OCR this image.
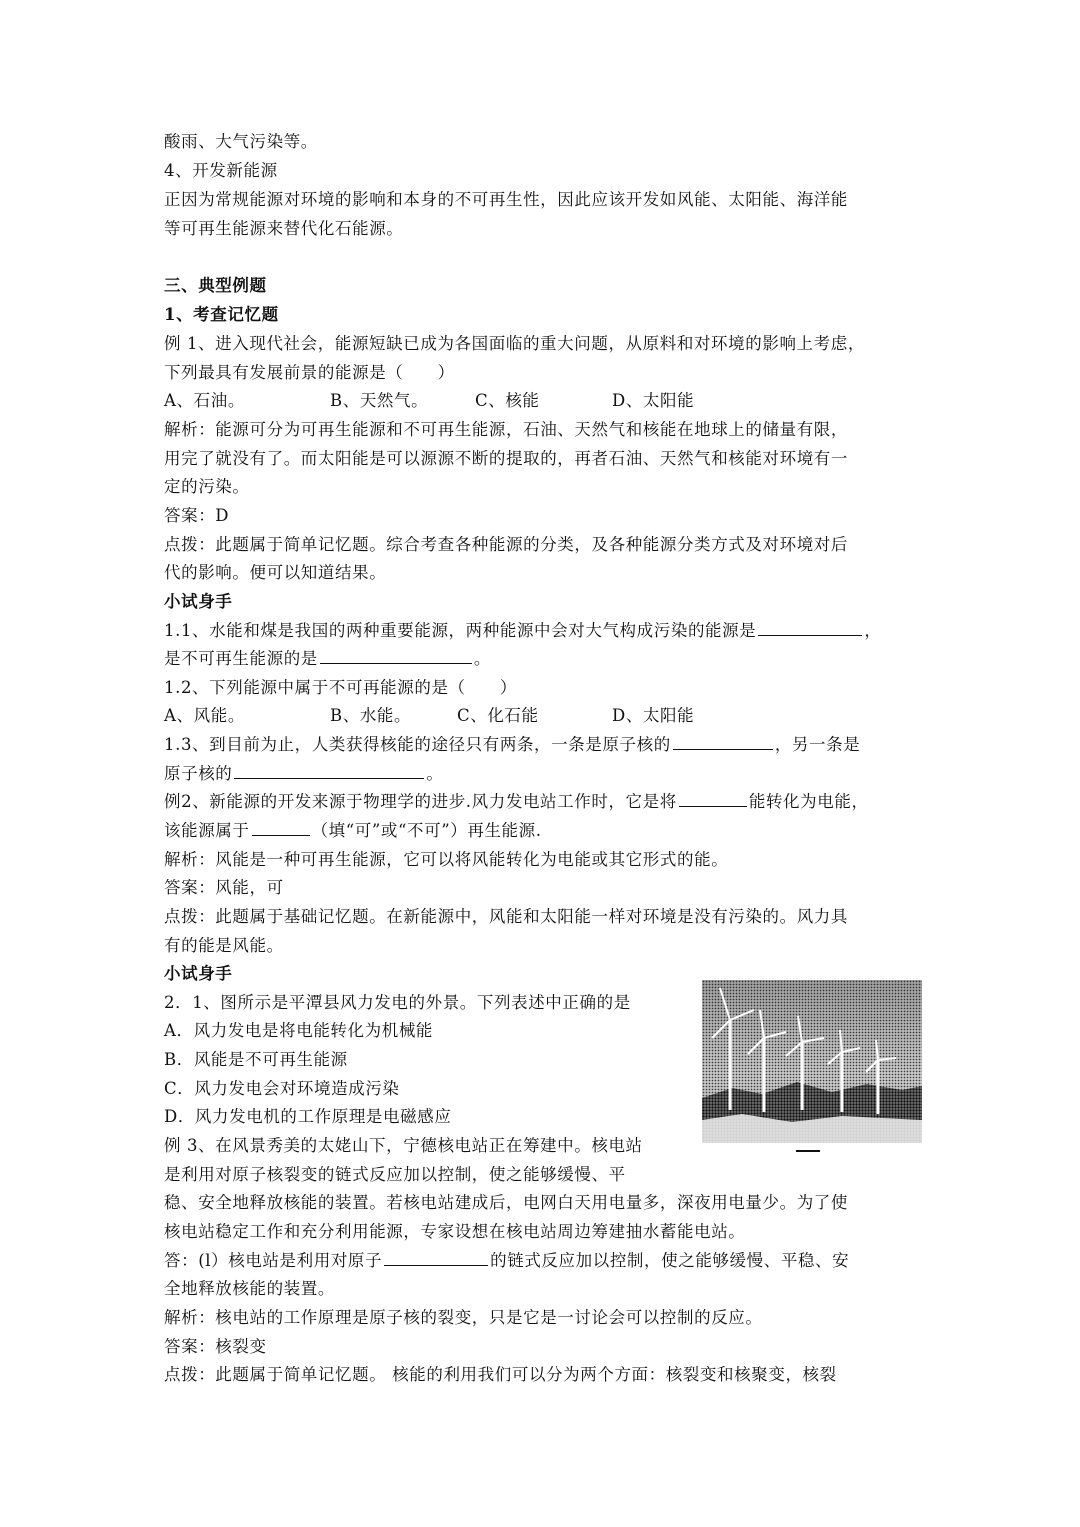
酸雨、大气污染等。
4、开发新能源
正因为常规能源对环境的影响和本身的不可再生性，因此应该开发如风能、太阳能、海洋能
等可再生能源来替代化石能源。
三、典型例题
1、考查记忆题
例 1、进入现代社会，能源短缺已成为各国面临的重大问题，从原料和对环境的影响上考虑，
下列最具有发展前景的能源是（　　）
A、石油。	B、天然气。	C、核能	D、太阳能
解析：能源可分为可再生能源和不可再生能源，石油、天然气和核能在地球上的储量有限，
用完了就没有了。而太阳能是可以源源不断的提取的，再者石油、天然气和核能对环境有一
定的污染。
答案：D
点拨：此题属于简单记忆题。综合考查各种能源的分类，及各种能源分类方式及对环境对后
代的影响。便可以知道结果。
小试身手
1.1、水能和煤是我国的两种重要能源，两种能源中会对大气构成污染的能源是	，
是不可再生能源的是	。
1.2、下列能源中属于不可再能源的是（　　）
A、风能。	B、水能。	C、化石能	D、太阳能
1.3、到目前为止，人类获得核能的途径只有两条，一条是原子核的	，另一条是
原子核的	。
例2、新能源的开发来源于物理学的进步.风力发电站工作时，它是将	能转化为电能，
该能源属于	（填“可”或“不可”）再生能源.
解析：风能是一种可再生能源，它可以将风能转化为电能或其它形式的能。
答案：风能，可
点拨：此题属于基础记忆题。在新能源中，风能和太阳能一样对环境是没有污染的。风力具
有的能是风能。
小试身手
2．1、图所示是平潭县风力发电的外景。下列表述中正确的是
A．风力发电是将电能转化为机械能
B．风能是不可再生能源
C．风力发电会对环境造成污染
D．风力发电机的工作原理是电磁感应
例 3、在风景秀美的太姥山下，宁德核电站正在筹建中。核电站
是利用对原子核裂变的链式反应加以控制，使之能够缓慢、平
稳、安全地释放核能的装置。若核电站建成后，电网白天用电量多，深夜用电量少。为了使
核电站稳定工作和充分利用能源，专家设想在核电站周边筹建抽水蓄能电站。
答：(l）核电站是利用对原子	的链式反应加以控制，使之能够缓慢、平稳、安
全地释放核能的装置。
解析：核电站的工作原理是原子核的裂变，只是它是一讨论会可以控制的反应。
答案：核裂变
点拨：此题属于简单记忆题。 核能的利用我们可以分为两个方面：核裂变和核聚变，核裂
